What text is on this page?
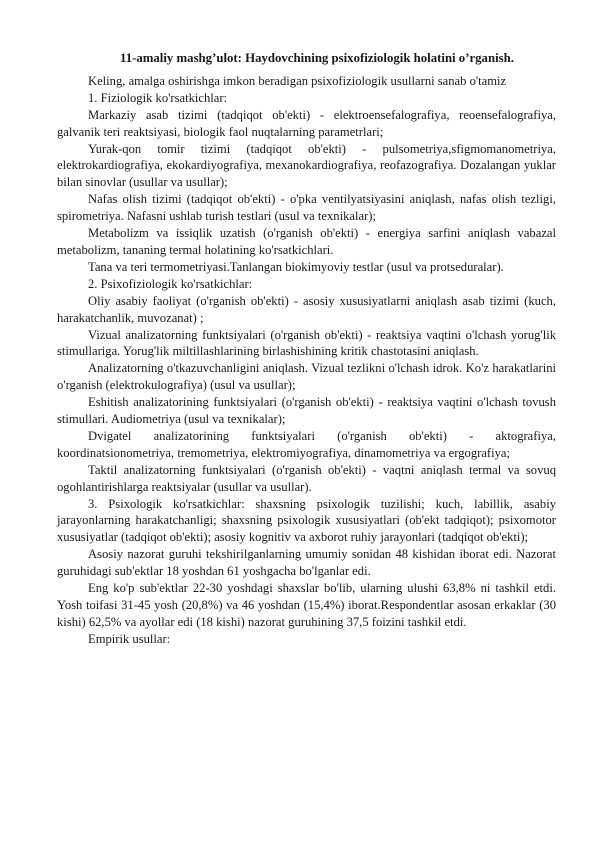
11-amaliy mashg’ulot: Haydovchining psixofiziologik holatini o’rganish.

Keling, amalga oshirishga imkon beradigan psixofiziologik usullarni sanab o'tamiz

1. Fiziologik ko'rsatkichlar:

Markaziy asab tizimi (tadqiqot ob'ekti) - elektroensefalografiya, reoensefalografiya, galvanik teri reaktsiyasi, biologik faol nuqtalarning parametrlari;

Yurak-qon tomir tizimi (tadqiqot ob'ekti) - pulsometriya,sfigmomanometriya, elektrokardiografiya, ekokardiyografiya, mexanokardiografiya, reofazografiya. Dozalangan yuklar bilan sinovlar (usullar va usullar);

Nafas olish tizimi (tadqiqot ob'ekti) - o'pka ventilyatsiyasini aniqlash, nafas olish tezligi, spirometriya. Nafasni ushlab turish testlari (usul va texnikalar);

Metabolizm va issiqlik uzatish (o'rganish ob'ekti) - energiya sarfini aniqlash vabazal metabolizm, tananing termal holatining ko'rsatkichlari.

Tana va teri termometriyasi.Tanlangan biokimyoviy testlar (usul va protseduralar).

2. Psixofiziologik ko'rsatkichlar:

Oliy asabiy faoliyat (o'rganish ob'ekti) - asosiy xususiyatlarni aniqlash asab tizimi (kuch, harakatchanlik, muvozanat) ;

Vizual analizatorning funktsiyalari (o'rganish ob'ekti) - reaktsiya vaqtini o'lchash yorug'lik stimullariga. Yorug'lik miltillashlarining birlashishining kritik chastotasini aniqlash.

Analizatorning o'tkazuvchanligini aniqlash. Vizual tezlikni o'lchash idrok. Ko'z harakatlarini o'rganish (elektrokulografiya) (usul va usullar);

Eshitish analizatorining funktsiyalari (o'rganish ob'ekti) - reaktsiya vaqtini o'lchash tovush stimullari. Audiometriya (usul va texnikalar);

Dvigatel analizatorining funktsiyalari (o'rganish ob'ekti) - aktografiya, koordinatsionometriya, tremometriya, elektromiyografiya, dinamometriya va ergografiya;

Taktil analizatorning funktsiyalari (o'rganish ob'ekti) - vaqtni aniqlash termal va sovuq ogohlantirishlarga reaktsiyalar (usullar va usullar).

3. Psixologik ko'rsatkichlar: shaxsning psixologik tuzilishi; kuch, labillik, asabiy jarayonlarning harakatchanligi; shaxsning psixologik xususiyatlari (ob'ekt tadqiqot); psixomotor xususiyatlar (tadqiqot ob'ekti); asosiy kognitiv va axborot ruhiy jarayonlari (tadqiqot ob'ekti);

Asosiy nazorat guruhi tekshirilganlarning umumiy sonidan 48 kishidan iborat edi. Nazorat guruhidagi sub'ektlar 18 yoshdan 61 yoshgacha bo'lganlar edi.

Eng ko'p sub'ektlar 22-30 yoshdagi shaxslar bo'lib, ularning ulushi 63,8% ni tashkil etdi. Yosh toifasi 31-45 yosh (20,8%) va 46 yoshdan (15,4%) iborat.Respondentlar asosan erkaklar (30 kishi) 62,5% va ayollar edi (18 kishi) nazorat guruhining 37,5 foizini tashkil etdi.

Empirik usullar:
